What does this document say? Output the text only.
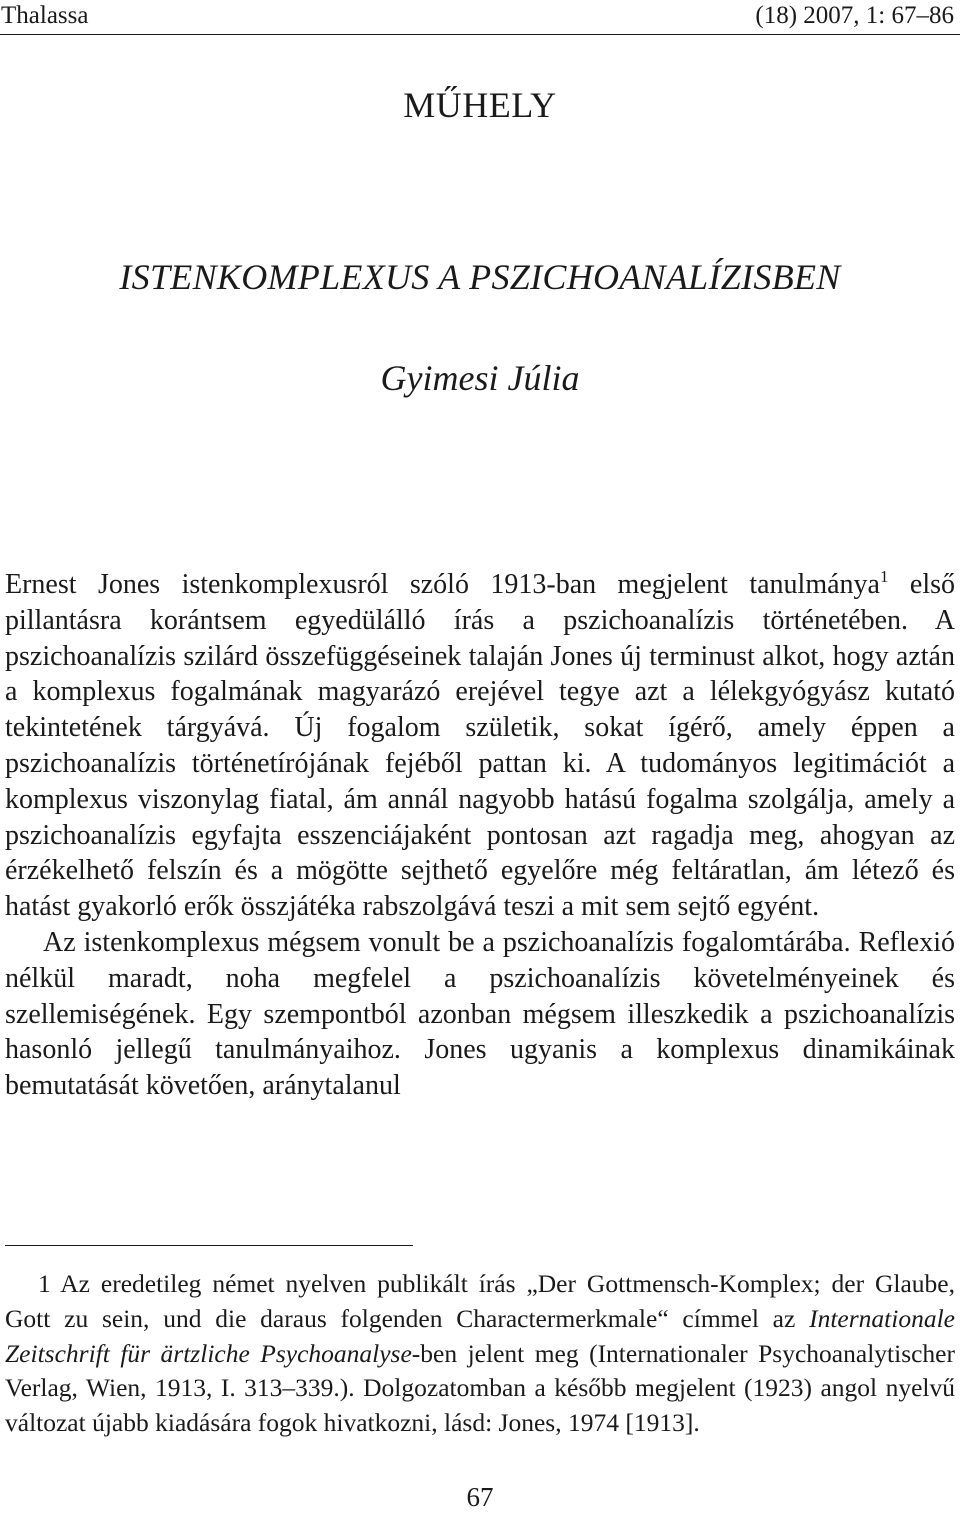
Thalassa	(18) 2007, 1: 67–86
MŰHELY
ISTENKOMPLEXUS A PSZICHOANALÍZISBEN
Gyimesi Júlia

Ernest Jones istenkomplexusról szóló 1913-ban megjelent tanulmánya$^1$ első pillantásra korántsem egyedülálló írás a pszichoanalízis történetében. A pszichoanalízis szilárd összefüggéseinek talaján Jones új terminust alkot, hogy aztán a komplexus fogalmának magyarázó erejével tegye azt a lélekgyógyász kutató tekintetének tárgyává. Új fogalom születik, sokat ígérő, amely éppen a pszichoanalízis történetírójának fejéből pattan ki. A tudományos legitimációt a komplexus viszonylag fiatal, ám annál nagyobb hatású fogalma szolgálja, amely a pszichoanalízis egyfajta esszenciájaként pontosan azt ragadja meg, ahogyan az érzékelhető felszín és a mögötte sejthető egyelőre még feltáratlan, ám létező és hatást gyakorló erők összjátéka rabszolgává teszi a mit sem sejtő egyént.

Az istenkomplexus mégsem vonult be a pszichoanalízis fogalomtárába. Reflexió nélkül maradt, noha megfelel a pszichoanalízis követelményeinek és szellemiségének. Egy szempontból azonban mégsem illeszkedik a pszichoanalízis hasonló jellegű tanulmányaihoz. Jones ugyanis a komplexus dinamikáinak bemutatását követően, aránytalanul

1 Az eredetileg német nyelven publikált írás „Der Gottmensch-Komplex; der Glaube, Gott zu sein, und die daraus folgenden Charactermerkmale“ címmel az Internationale Zeitschrift für ärtzliche Psychoanalyse-ben jelent meg (Internationaler Psychoanalytischer Verlag, Wien, 1913, I. 313–339.). Dolgozatomban a később megjelent (1923) angol nyelvű változat újabb kiadására fogok hivatkozni, lásd: Jones, 1974 [1913].

67
